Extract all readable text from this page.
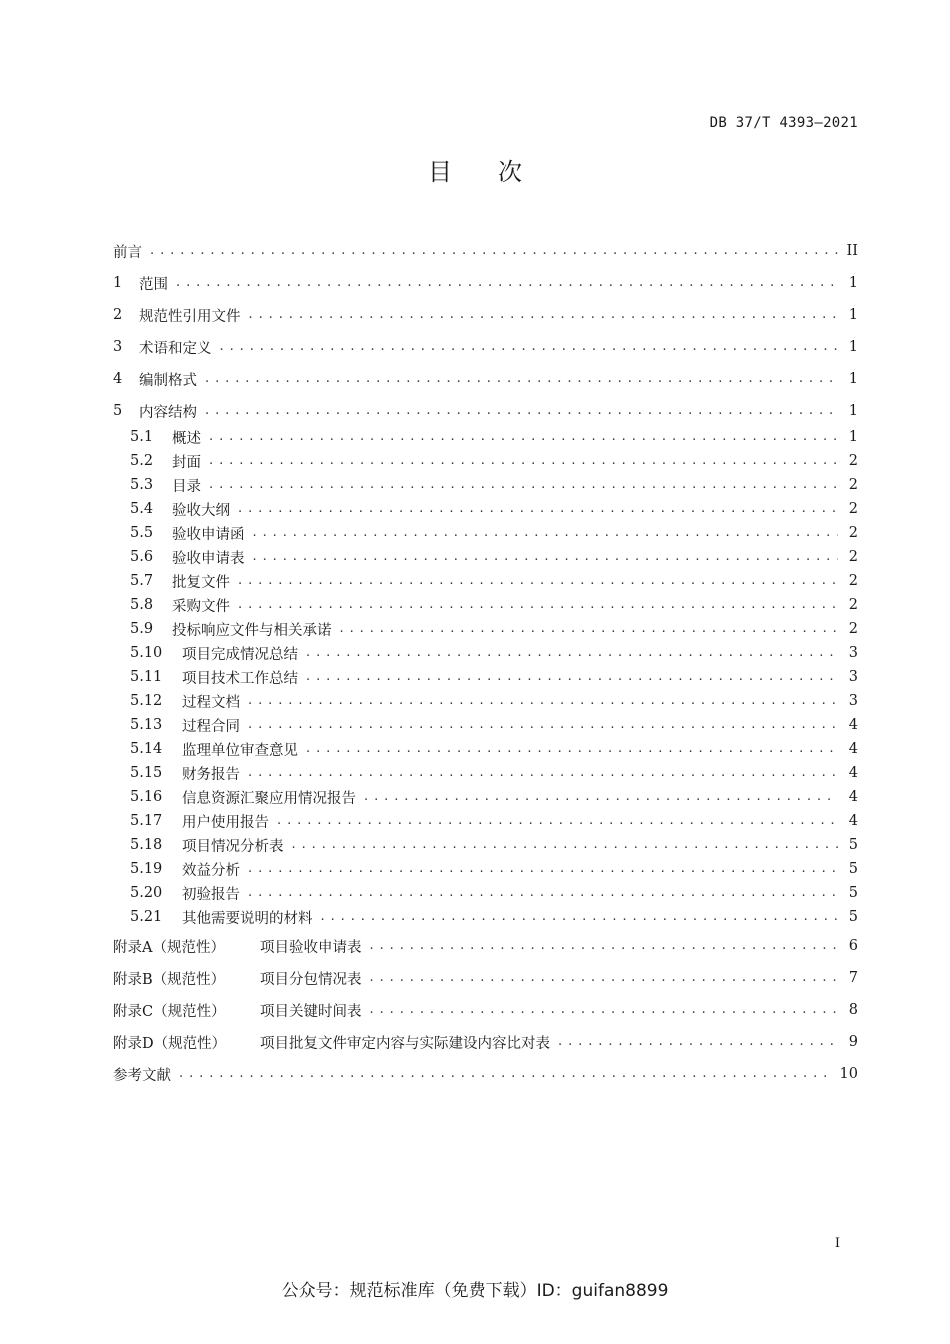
DB 37/T 4393—2021
目次
前言 . . .	II
1	范围 . . .	1
2	规范性引用文件 . . .	1
3	术语和定义 . . .	1
4	编制格式 . . .	1
5	内容结构 . . .	1
5.1	概述 . . .	1
5.2	封面 . . .	2
5.3	目录 . . .	2
5.4	验收大纲 . . .	2
5.5	验收申请函 . . .	2
5.6	验收申请表 . . .	2
5.7	批复文件 . . .	2
5.8	采购文件 . . .	2
5.9	投标响应文件与相关承诺 . . .	2
5.10	项目完成情况总结 . . .	3
5.11	项目技术工作总结 . . .	3
5.12	过程文档 . . .	3
5.13	过程合同 . . .	4
5.14	监理单位审查意见 . . .	4
5.15	财务报告 . . .	4
5.16	信息资源汇聚应用情况报告 . . .	4
5.17	用户使用报告 . . .	4
5.18	项目情况分析表 . . .	5
5.19	效益分析 . . .	5
5.20	初验报告 . . .	5
5.21	其他需要说明的材料 . . .	5
附录A（规范性）	项目验收申请表 . . .	6
附录B（规范性）	项目分包情况表 . . .	7
附录C（规范性）	项目关键时间表 . . .	8
附录D（规范性）	项目批复文件审定内容与实际建设内容比对表 . . .	9
参考文献 . . .	10
I
公众号：规范标准库（免费下载）ID：guifan8899
